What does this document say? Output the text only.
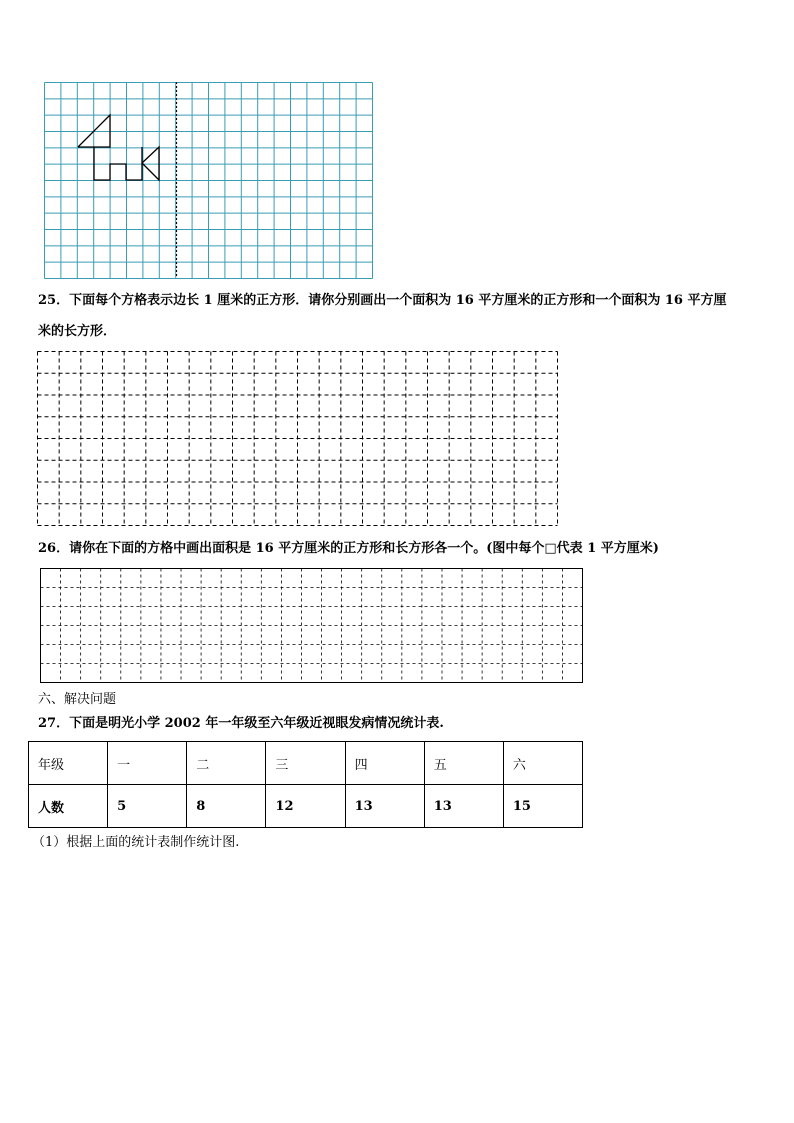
25．下面每个方格表示边长 1 厘米的正方形．请你分别画出一个面积为 16 平方厘米的正方形和一个面积为 16 平方厘
米的长方形．
26．请你在下面的方格中画出面积是 16 平方厘米的正方形和长方形各一个。(图中每个□代表 1 平方厘米)
六、解决问题
27．下面是明光小学 2002 年一年级至六年级近视眼发病情况统计表.
年级	一	二	三	四	五	六
人数	5	8	12	13	13	15
（1）根据上面的统计表制作统计图.
